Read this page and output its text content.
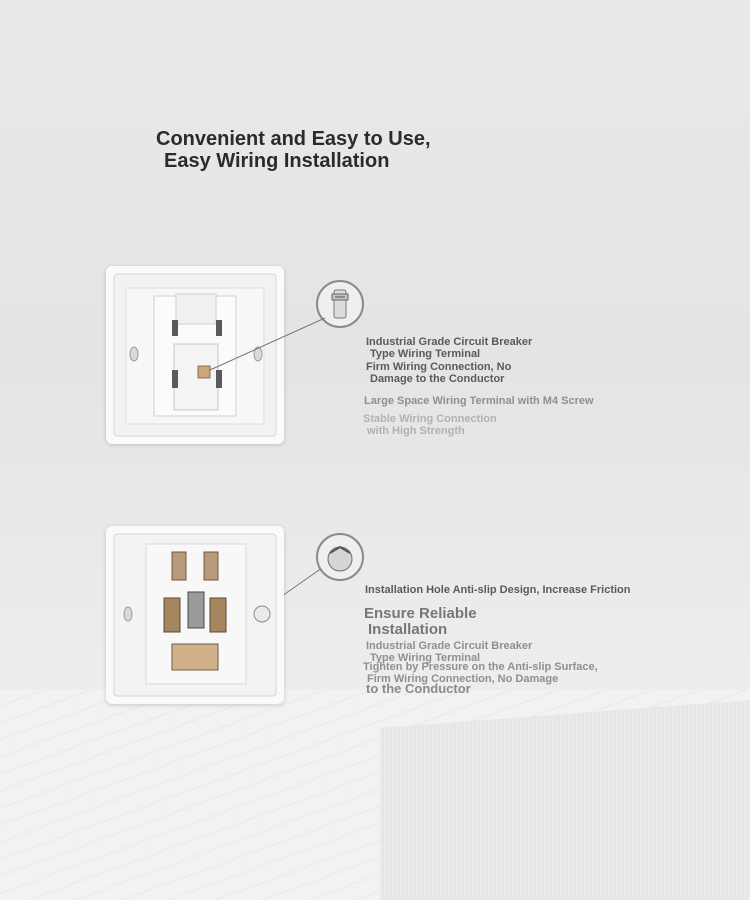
Convenient and Easy to Use,
Easy Wiring Installation
Industrial Grade Circuit Breaker
Type Wiring Terminal
Firm Wiring Connection, No
Damage to the Conductor
Large Space Wiring Terminal with M4 Screw
Stable Wiring Connection
with High Strength
Installation Hole Anti-slip Design, Increase Friction
Ensure Reliable
Installation
Industrial Grade Circuit Breaker
Type Wiring Terminal
Tighten by Pressure on the Anti-slip Surface,
Firm Wiring Connection, No Damage
to the Conductor
